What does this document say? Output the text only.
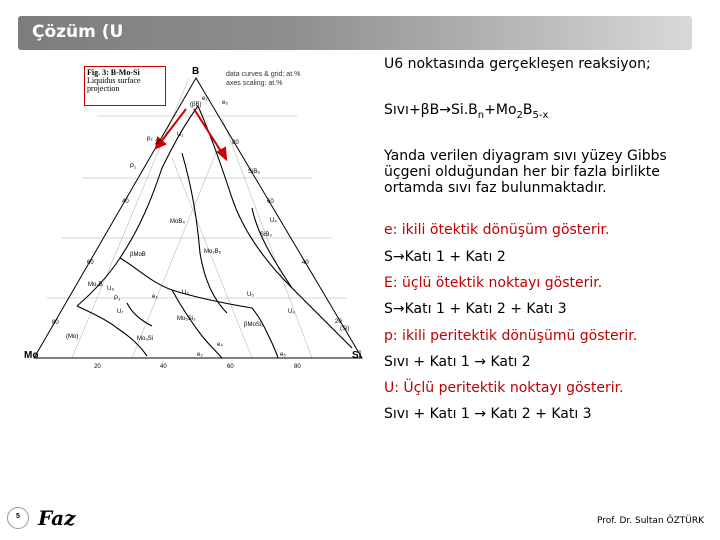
Çözüm (U
(βB)
e₁
e₆
U₁
P₁
p₂
SiB₆
MoB₄
SiB₃
Mo₂B₅
βMoB
Mo₂B
Mo₃Si
Mo₅Si₃
βMoSi₂
U₃
U₄
U₅
U₇
U₈
U₉
e₂
e₃
e₄
e₅
P₃
(Si)
(Mo)
80
60
40
20
80
60
40
20
20	40	60	80
B
Mo	Si
Fig. 3: B-Mo-Si
Liquidus surface
projection
data curves & grid: at.%
axes scaling: at.%

U6 noktasında gerçekleşen reaksiyon;

$Sıvı+\beta B\to Si.B_n+Mo_2B_{5-x}$

Yanda verilen diyagram sıvı yüzey Gibbs üçgeni olduğundan her bir fazla birlikte ortamda sıvı faz bulunmaktadır.

e: ikili ötektik dönüşüm gösterir.

S→Katı 1 + Katı 2

E: üçlü ötektik noktayı gösterir.

S→Katı 1 + Katı 2 + Katı 3

p: ikili peritektik dönüşümü gösterir.

Sıvı + Katı 1 → Katı 2

U: Üçlü peritektik noktayı gösterir.

Sıvı + Katı 1 → Katı 2 + Katı 3

5 Faz	Prof. Dr. Sultan ÖZTÜRK
